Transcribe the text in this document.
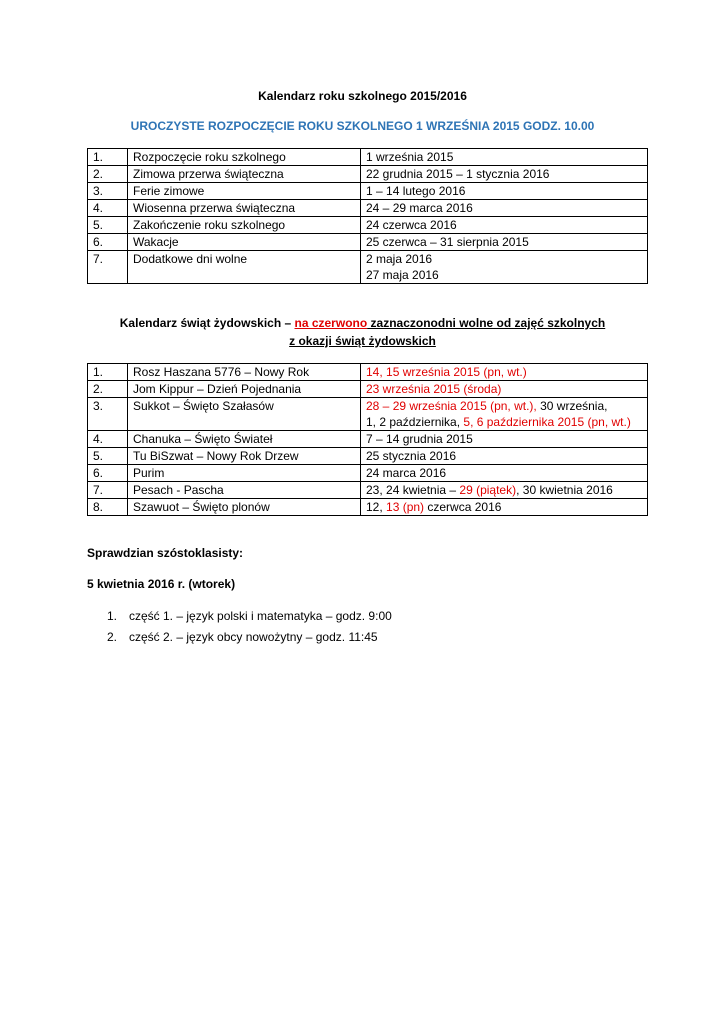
Kalendarz roku szkolnego 2015/2016
UROCZYSTE ROZPOCZĘCIE ROKU SZKOLNEGO 1 WRZEŚNIA 2015 GODZ. 10.00
1.	Rozpoczęcie roku szkolnego	1 września 2015
2.	Zimowa przerwa świąteczna	22 grudnia 2015 – 1 stycznia 2016
3.	Ferie zimowe	1 – 14 lutego 2016
4.	Wiosenna przerwa świąteczna	24 – 29 marca 2016
5.	Zakończenie roku szkolnego	24 czerwca 2016
6.	Wakacje	25 czerwca – 31 sierpnia 2015
7.	Dodatkowe dni wolne	2 maja 2016
27 maja 2016
Kalendarz świąt żydowskich – na czerwono zaznaczonodni wolne od zajęć szkolnych
z okazji świąt żydowskich
1.	Rosz Haszana 5776 – Nowy Rok	14, 15 września 2015 (pn, wt.)
2.	Jom Kippur – Dzień Pojednania	23 września 2015 (środa)
3.	Sukkot – Święto Szałasów	28 – 29 września 2015 (pn, wt.), 30 września,
1, 2 października, 5, 6 października 2015 (pn, wt.)

4.	Chanuka – Święto Świateł	7 – 14 grudnia 2015
5.	Tu BiSzwat – Nowy Rok Drzew	25 stycznia 2016
6.	Purim	24 marca 2016
7.	Pesach - Pascha	23, 24 kwietnia – 29 (piątek), 30 kwietnia 2016
8.	Szawuot – Święto plonów	12, 13 (pn) czerwca 2016
Sprawdzian szóstoklasisty:
5 kwietnia 2016 r. (wtorek)
1. część 1. – język polski i matematyka – godz. 9:00
2. część 2. – język obcy nowożytny – godz. 11:45
